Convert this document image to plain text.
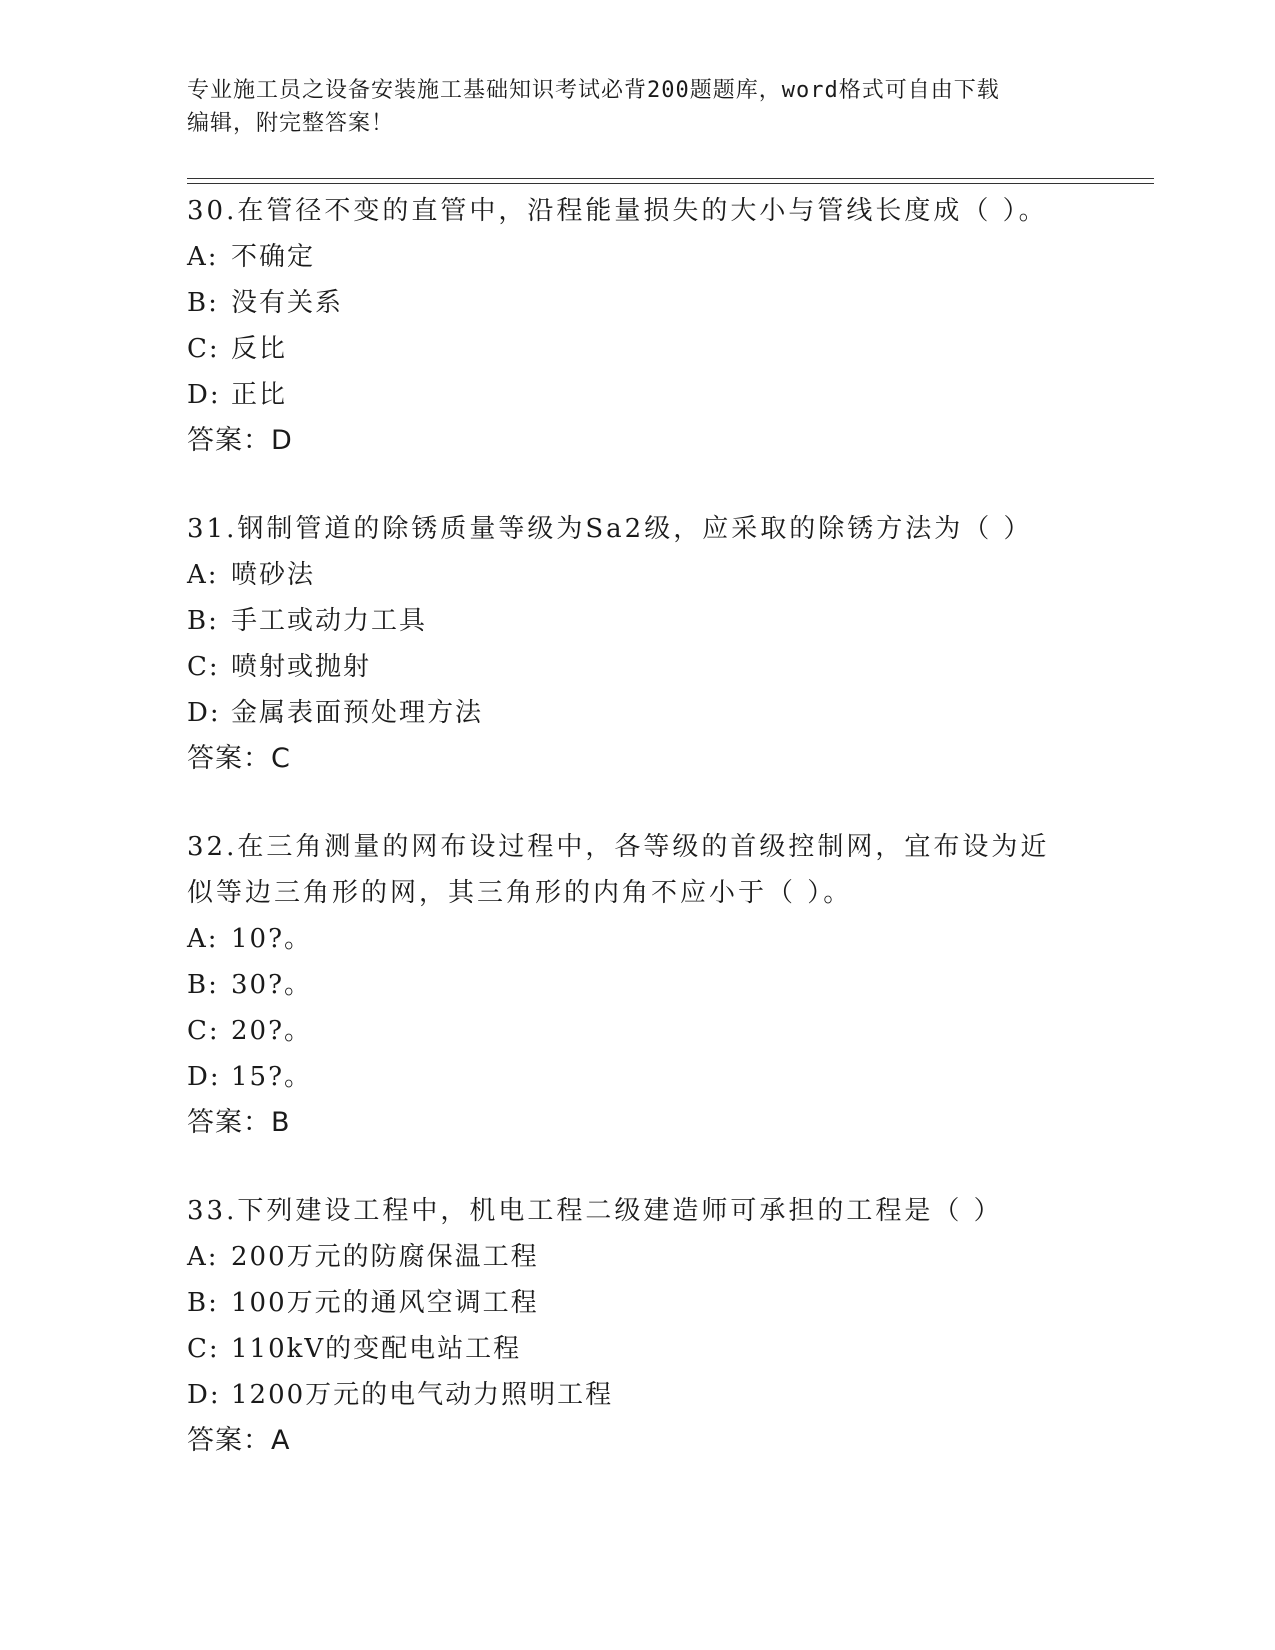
专业施工员之设备安装施工基础知识考试必背200题题库，word格式可自由下载
编辑，附完整答案！
30.在管径不变的直管中，沿程能量损失的大小与管线长度成（ ）。
A: 不确定
B: 没有关系
C: 反比
D: 正比
答案：D
31.钢制管道的除锈质量等级为Sa2级，应采取的除锈方法为（ ）
A: 喷砂法
B: 手工或动力工具
C: 喷射或抛射
D: 金属表面预处理方法
答案：C
32.在三角测量的网布设过程中，各等级的首级控制网，宜布设为近似等边三角形的网，其三角形的内角不应小于（ ）。
A: 10?。
B: 30?。
C: 20?。
D: 15?。
答案：B
33.下列建设工程中，机电工程二级建造师可承担的工程是（ ）
A: 200万元的防腐保温工程
B: 100万元的通风空调工程
C: 110kV的变配电站工程
D: 1200万元的电气动力照明工程
答案：A
